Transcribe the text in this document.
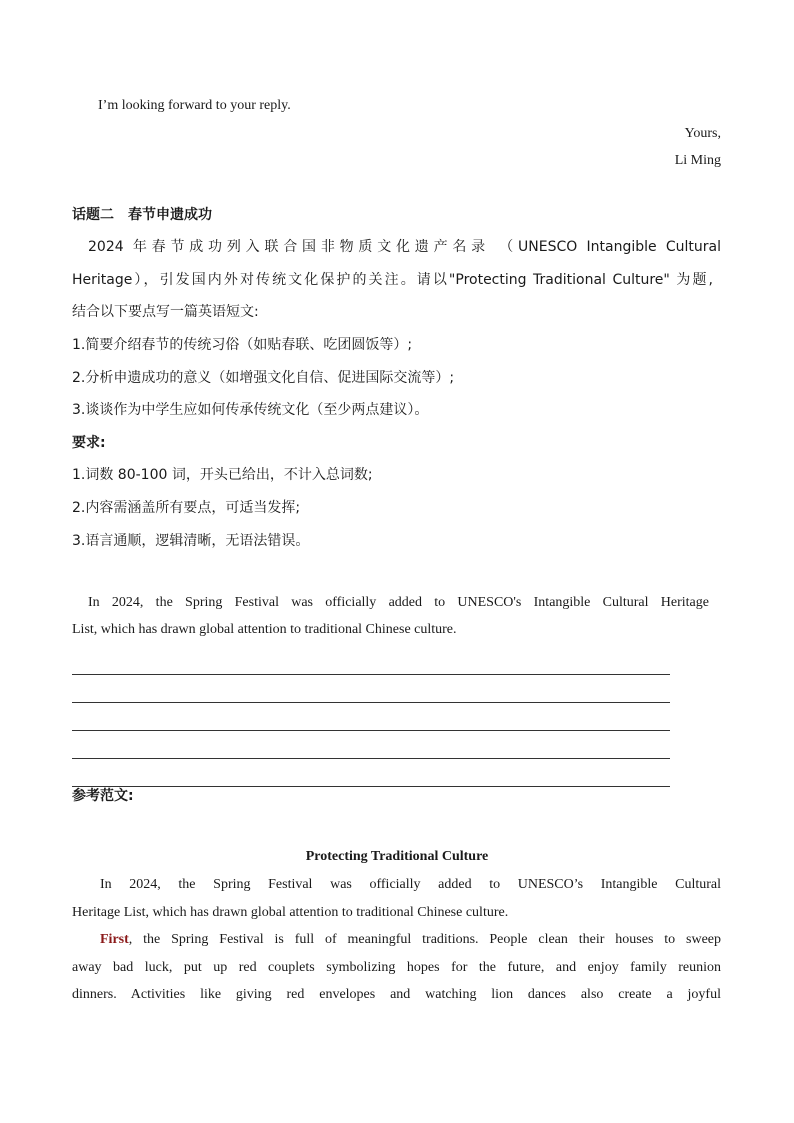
I’m looking forward to your reply.
Yours,
Li Ming
话题二　春节申遗成功
2024 年春节成功列入联合国非物质文化遗产名录 （UNESCO Intangible Cultural
Heritage），引发国内外对传统文化保护的关注。请以"Protecting Traditional Culture" 为题,
结合以下要点写一篇英语短文:
1.简要介绍春节的传统习俗（如贴春联、吃团圆饭等）;
2.分析申遗成功的意义（如增强文化自信、促进国际交流等）;
3.谈谈作为中学生应如何传承传统文化（至少两点建议）。
要求:
1.词数 80-100 词，开头已给出，不计入总词数;
2.内容需涵盖所有要点，可适当发挥;
3.语言通顺，逻辑清晰，无语法错误。
In 2024, the Spring Festival was officially added to UNESCO's Intangible Cultural Heritage
List, which has drawn global attention to traditional Chinese culture.
参考范文:
Protecting Traditional Culture
In 2024, the Spring Festival was officially added to UNESCO’s Intangible Cultural
Heritage List, which has drawn global attention to traditional Chinese culture.
First, the Spring Festival is full of meaningful traditions. People clean their houses to sweep
away bad luck, put up red couplets symbolizing hopes for the future, and enjoy family reunion
dinners. Activities like giving red envelopes and watching lion dances also create a joyful
